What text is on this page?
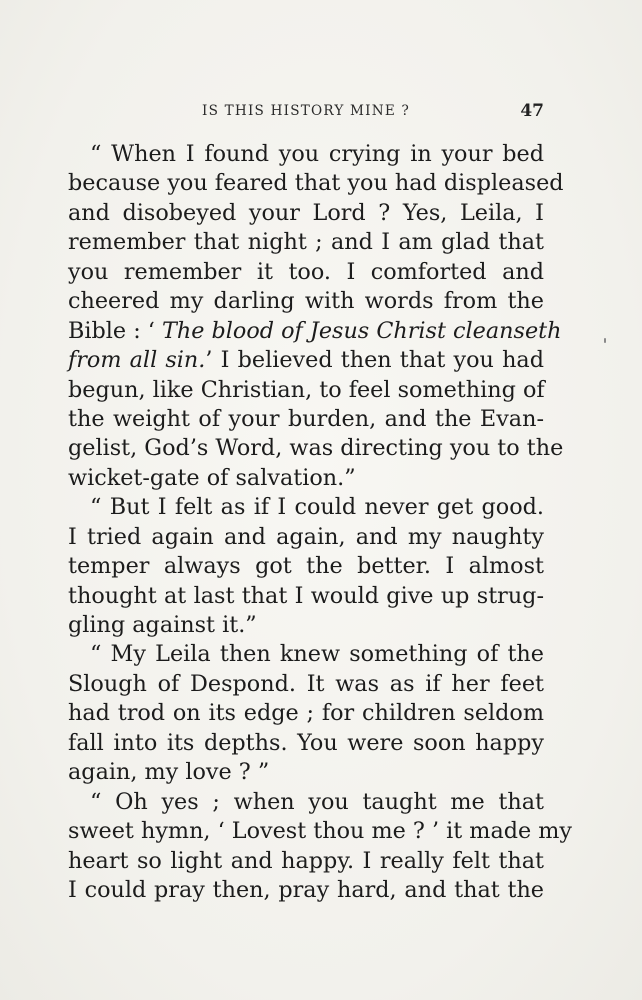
IS THIS HISTORY MINE ?	47
“ When I found you crying in your bed
because you feared that you had displeased
and disobeyed your Lord ? Yes, Leila, I
remember that night ; and I am glad that
you remember it too. I comforted and
cheered my darling with words from the
Bible : ‘ The blood of Jesus Christ cleanseth
from all sin.’ I believed then that you had
begun, like Christian, to feel something of
the weight of your burden, and the Evan-
gelist, God’s Word, was directing you to the
wicket-gate of salvation.”
“ But I felt as if I could never get good.
I tried again and again, and my naughty
temper always got the better. I almost
thought at last that I would give up strug-
gling against it.”
“ My Leila then knew something of the
Slough of Despond. It was as if her feet
had trod on its edge ; for children seldom
fall into its depths. You were soon happy
again, my love ? ”
“ Oh yes ; when you taught me that
sweet hymn, ‘ Lovest thou me ? ’ it made my
heart so light and happy. I really felt that
I could pray then, pray hard, and that the
